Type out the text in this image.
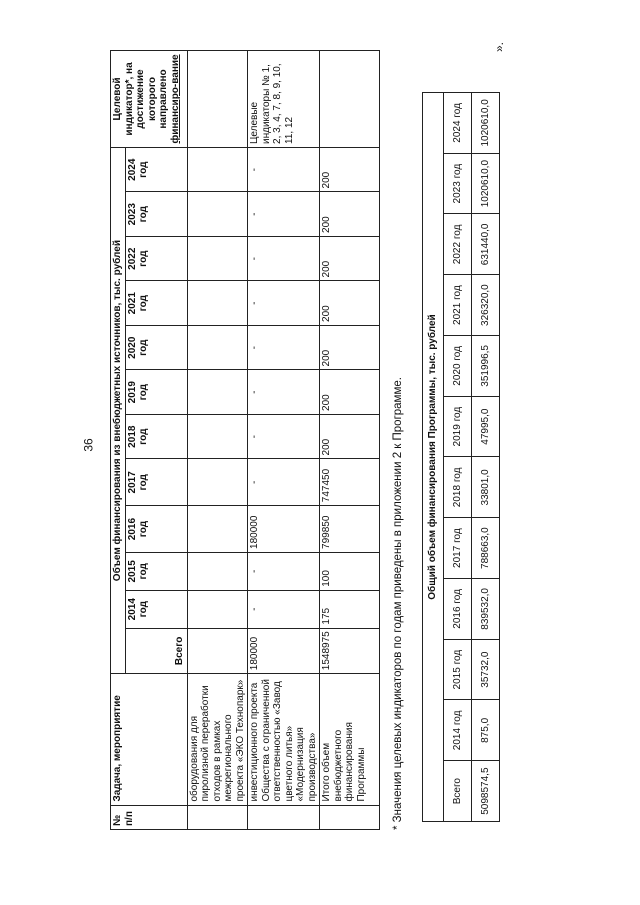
36
№ п/п	Задача, мероприятие	Объем финансирования из внебюджетных источников, тыс. рублей												Целевой индикатор*, на достижение которого направлено финансиро-вание
		Всего	2014 год	2015 год	2016 год	2017 год	2018 год	2019 год	2020 год	2021 год	2022 год	2023 год	2024 год	
	оборудования для пиролизной переработки отходов в рамках межрегионального проекта «ЭКО Технопарк»													
	инвестиционного проекта Общества с ограниченной ответственностью «Завод цветного литья» «Модернизация производства»	180000	-	-	180000	-	-	-	-	-	-	-	-	Целевые индикаторы № 1, 2, 3, 4, 7, 8, 9, 10, 11, 12
	Итого объем внебюджетного финансирования Программы	1548975	175	100	799850	747450	200	200	200	200	200	200	200	
* Значения целевых индикаторов по годам приведены в приложении 2 к Программе. Общий объем финансирования Программы, тыс. рублей											
Всего	2014 год	2015 год	2016 год	2017 год	2018 год	2019 год	2020 год	2021 год	2022 год	2023 год	2024 год
5098574,5	875,0	35732,0	839532,0	788663,0	33801,0	47995,0	351996,5	326320,0	631440,0	1020610,0	1020610,0
».
